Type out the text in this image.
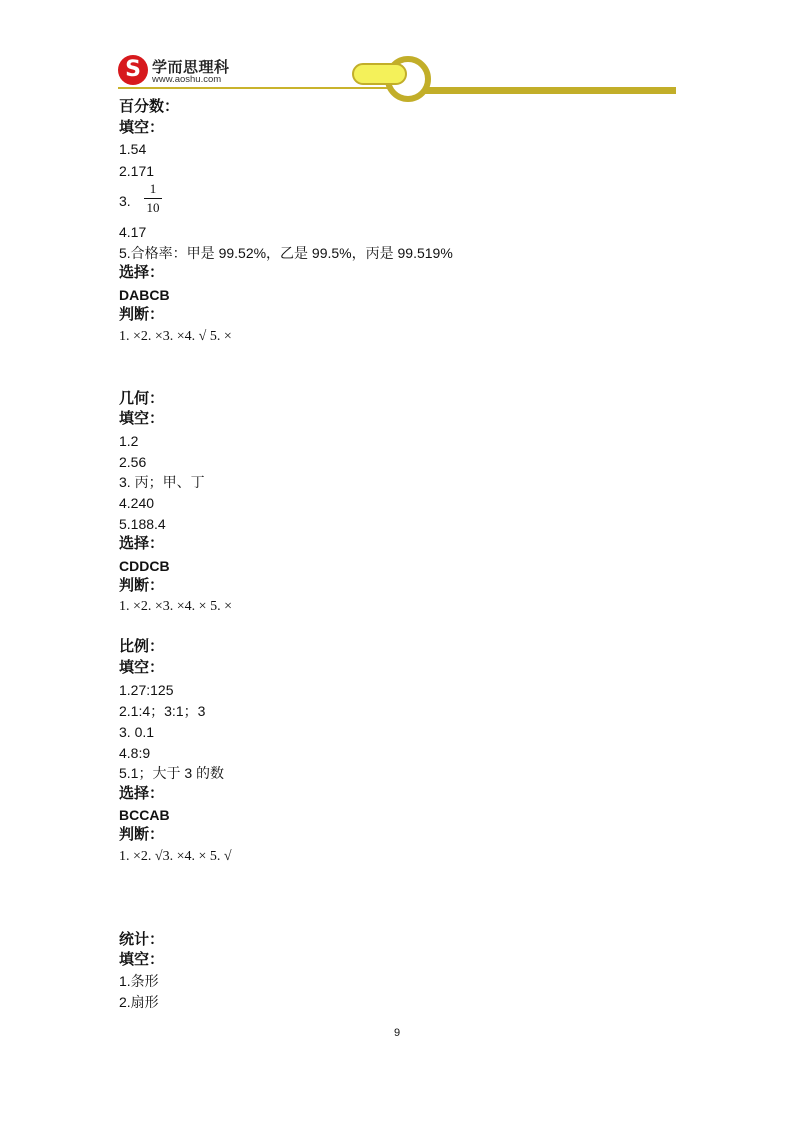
S 学而思理科
www.aoshu.com
百分数：
填空：
1.54
2.171
3.
1
10
4.17
5.合格率：甲是 99.52%，乙是 99.5%，丙是 99.519%
选择：
DABCB
判断：
1. ×2. ×3. ×4. √ 5. ×
几何：
填空：
1.2
2.56
3. 丙；甲、丁
4.240
5.188.4
选择：
CDDCB
判断：
1. ×2. ×3. ×4. × 5. ×
比例：
填空：
1.27:125
2.1:4；3:1；3
3. 0.1
4.8:9
5.1；大于 3 的数
选择：
BCCAB
判断：
1. ×2. √3. ×4. × 5. √
统计：
填空：
1.条形
2.扇形
9
